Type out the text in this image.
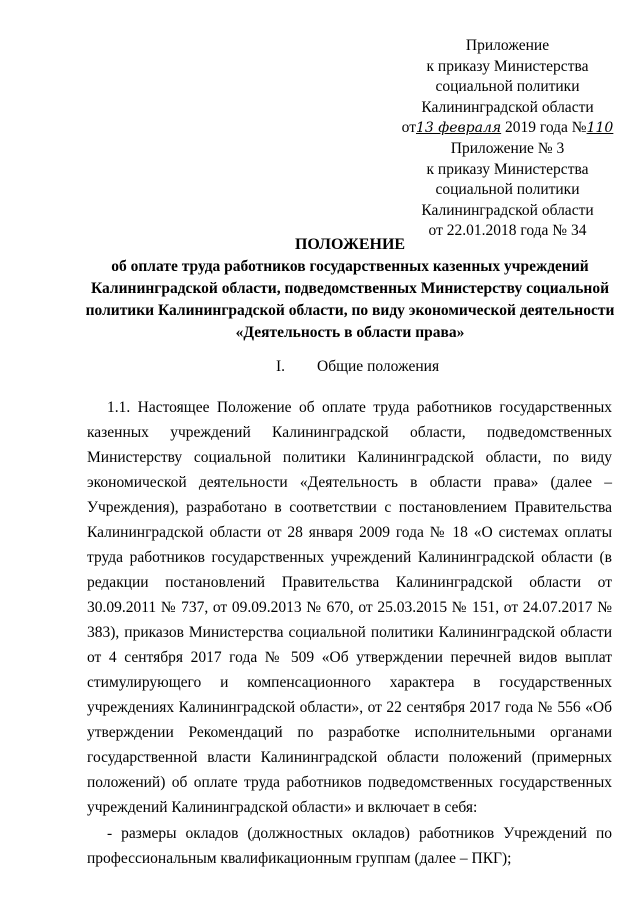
Приложение
к приказу Министерства
социальной политики
Калининградской области
от13 февраля 2019 года №110
Приложение № 3
к приказу Министерства
социальной политики
Калининградской области
от 22.01.2018 года № 34
ПОЛОЖЕНИЕ
об оплате труда работников государственных казенных учреждений
Калининградской области, подведомственных Министерству социальной
политики Калининградской области, по виду экономической деятельности
«Деятельность в области права»
I. Общие положения

1.1. Настоящее Положение об оплате труда работников государственных казенных учреждений Калининградской области, подведомственных Министерству социальной политики Калининградской области, по виду экономической деятельности «Деятельность в области права» (далее – Учреждения), разработано в соответствии с постановлением Правительства Калининградской области от 28 января 2009 года № 18 «О системах оплаты труда работников государственных учреждений Калининградской области (в редакции постановлений Правительства Калининградской области от 30.09.2011 № 737, от 09.09.2013 № 670, от 25.03.2015 № 151, от 24.07.2017 № 383), приказов Министерства социальной политики Калининградской области от 4 сентября 2017 года № 509 «Об утверждении перечней видов выплат стимулирующего и компенсационного характера в государственных учреждениях Калининградской области», от 22 сентября 2017 года № 556 «Об утверждении Рекомендаций по разработке исполнительными органами государственной власти Калининградской области положений (примерных положений) об оплате труда работников подведомственных государственных учреждений Калининградской области» и включает в себя:

- размеры окладов (должностных окладов) работников Учреждений по профессиональным квалификационным группам (далее – ПКГ);
